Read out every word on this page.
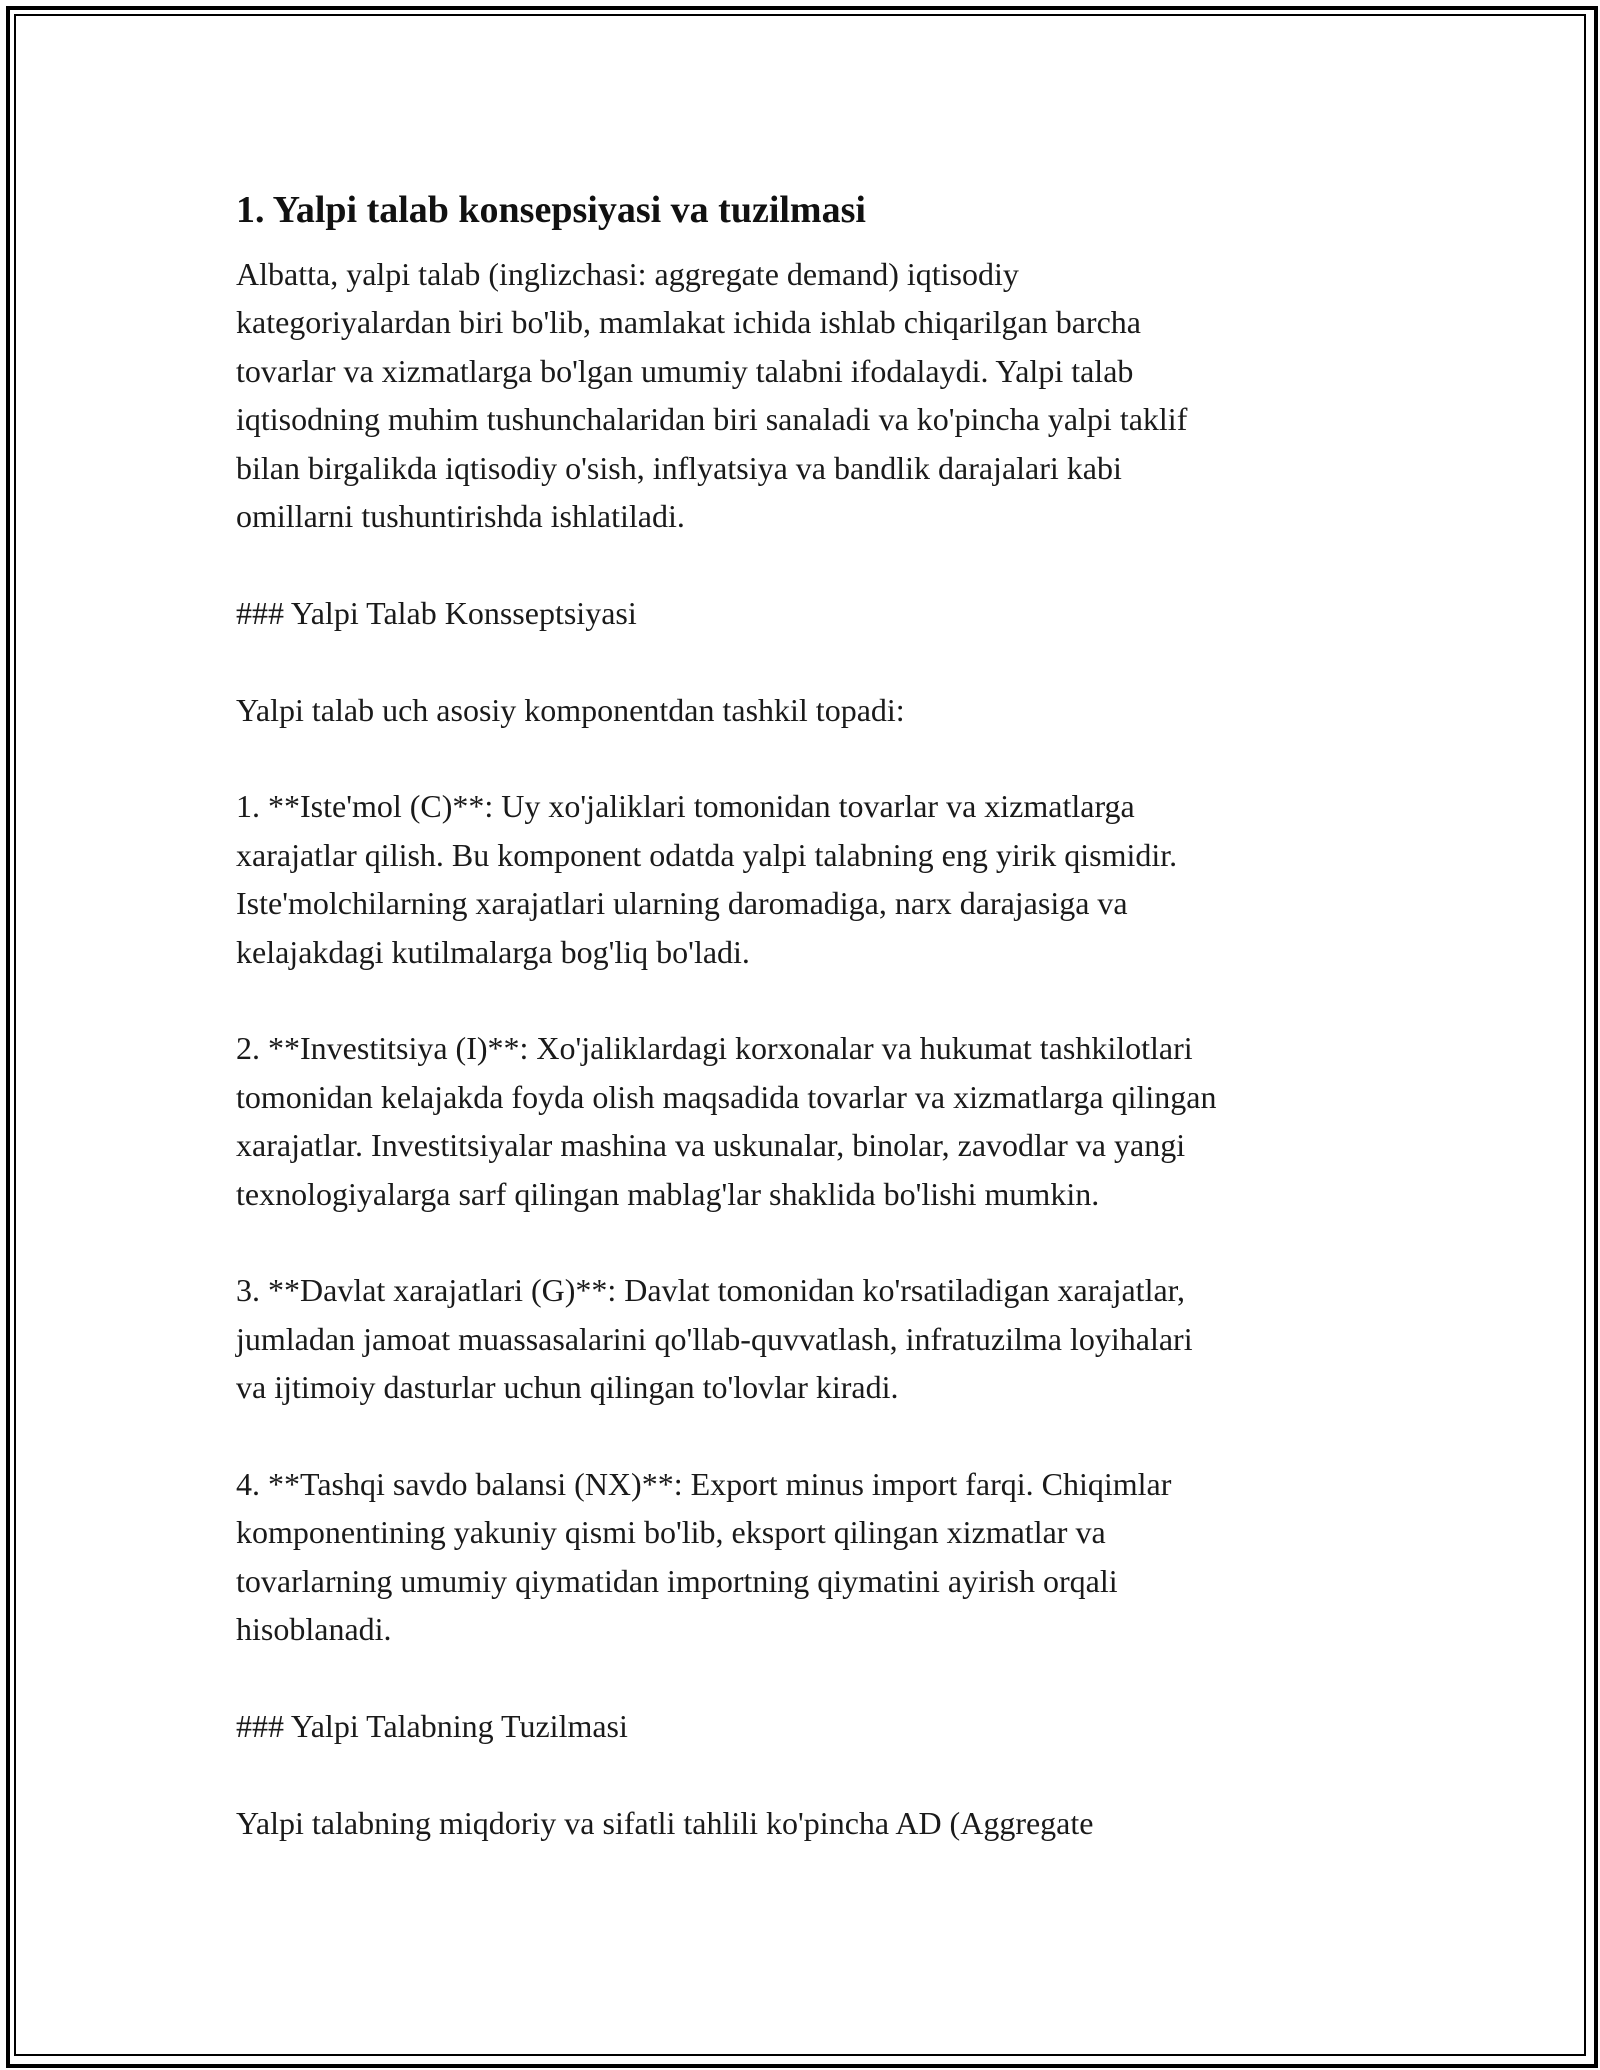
1. Yalpi talab konsepsiyasi va tuzilmasi

Albatta, yalpi talab (inglizchasi: aggregate demand) iqtisodiy
kategoriyalardan biri bo'lib, mamlakat ichida ishlab chiqarilgan barcha
tovarlar va xizmatlarga bo'lgan umumiy talabni ifodalaydi. Yalpi talab
iqtisodning muhim tushunchalaridan biri sanaladi va ko'pincha yalpi taklif
bilan birgalikda iqtisodiy o'sish, inflyatsiya va bandlik darajalari kabi
omillarni tushuntirishda ishlatiladi.

### Yalpi Talab Konsseptsiyasi

Yalpi talab uch asosiy komponentdan tashkil topadi:

1. **Iste'mol (C)**: Uy xo'jaliklari tomonidan tovarlar va xizmatlarga
xarajatlar qilish. Bu komponent odatda yalpi talabning eng yirik qismidir.
Iste'molchilarning xarajatlari ularning daromadiga, narx darajasiga va
kelajakdagi kutilmalarga bog'liq bo'ladi.

2. **Investitsiya (I)**: Xo'jaliklardagi korxonalar va hukumat tashkilotlari
tomonidan kelajakda foyda olish maqsadida tovarlar va xizmatlarga qilingan
xarajatlar. Investitsiyalar mashina va uskunalar, binolar, zavodlar va yangi
texnologiyalarga sarf qilingan mablag'lar shaklida bo'lishi mumkin.

3. **Davlat xarajatlari (G)**: Davlat tomonidan ko'rsatiladigan xarajatlar,
jumladan jamoat muassasalarini qo'llab-quvvatlash, infratuzilma loyihalari
va ijtimoiy dasturlar uchun qilingan to'lovlar kiradi.

4. **Tashqi savdo balansi (NX)**: Export minus import farqi. Chiqimlar
komponentining yakuniy qismi bo'lib, eksport qilingan xizmatlar va
tovarlarning umumiy qiymatidan importning qiymatini ayirish orqali
hisoblanadi.

### Yalpi Talabning Tuzilmasi

Yalpi talabning miqdoriy va sifatli tahlili ko'pincha AD (Aggregate
